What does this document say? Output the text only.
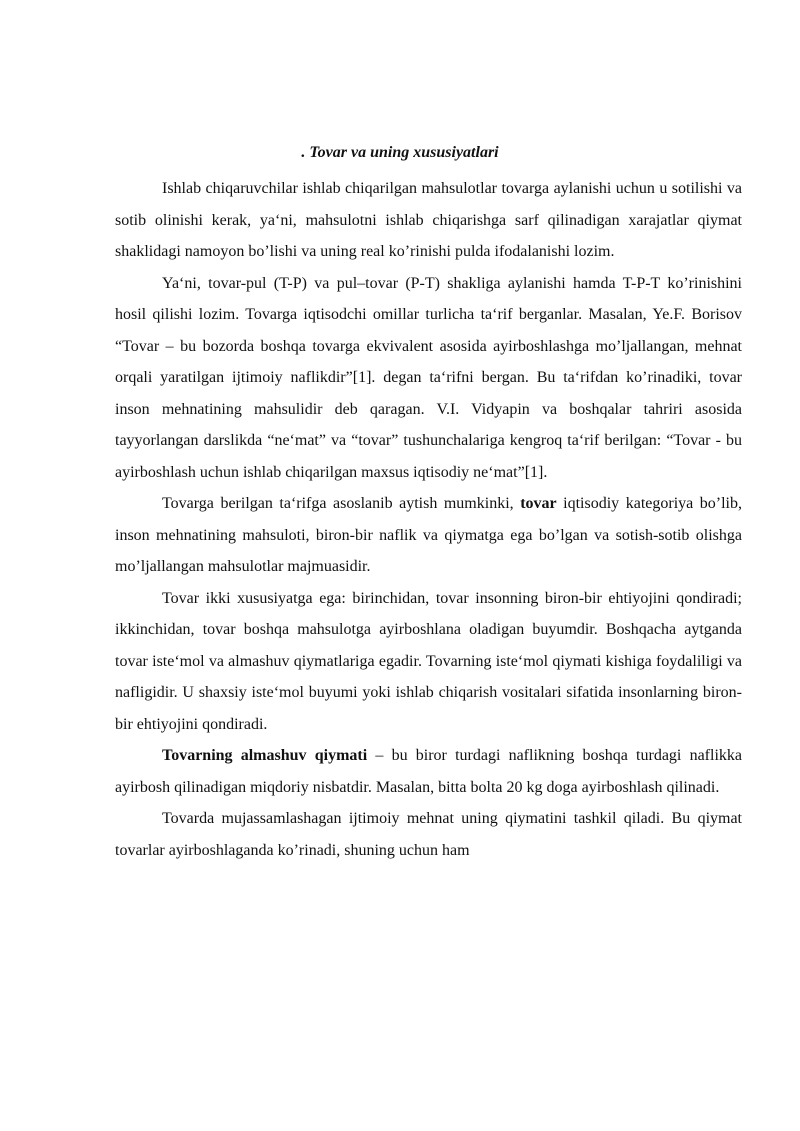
. Tovar va uning xususiyatlari

Ishlab chiqaruvchilar ishlab chiqarilgan mahsulotlar tovarga aylanishi uchun u sotilishi va sotib olinishi kerak, ya‘ni, mahsulotni ishlab chiqarishga sarf qilinadigan xarajatlar qiymat shaklidagi namoyon bo’lishi va uning real ko’rinishi pulda ifodalanishi lozim.

Ya‘ni, tovar-pul (T-P) va pul–tovar (P-T) shakliga aylanishi hamda T-P-T ko’rinishini hosil qilishi lozim. Tovarga iqtisodchi omillar turlicha ta‘rif berganlar. Masalan, Ye.F. Borisov “Tovar – bu bozorda boshqa tovarga ekvivalent asosida ayirboshlashga mo’ljallangan, mehnat orqali yaratilgan ijtimoiy naflikdir”[1]. degan ta‘rifni bergan. Bu ta‘rifdan ko’rinadiki, tovar inson mehnatining mahsulidir deb qaragan. V.I. Vidyapin va boshqalar tahriri asosida tayyorlangan darslikda “ne‘mat” va “tovar” tushunchalariga kengroq ta‘rif berilgan: “Tovar - bu ayirboshlash uchun ishlab chiqarilgan maxsus iqtisodiy ne‘mat”[1].

Tovarga berilgan ta‘rifga asoslanib aytish mumkinki, tovar iqtisodiy kategoriya bo’lib, inson mehnatining mahsuloti, biron-bir naflik va qiymatga ega bo’lgan va sotish-sotib olishga mo’ljallangan mahsulotlar majmuasidir.

Tovar ikki xususiyatga ega: birinchidan, tovar insonning biron-bir ehtiyojini qondiradi; ikkinchidan, tovar boshqa mahsulotga ayirboshlana oladigan buyumdir. Boshqacha aytganda tovar iste‘mol va almashuv qiymatlariga egadir. Tovarning iste‘mol qiymati kishiga foydaliligi va nafligidir. U shaxsiy iste‘mol buyumi yoki ishlab chiqarish vositalari sifatida insonlarning biron-bir ehtiyojini qondiradi.

Tovarning almashuv qiymati – bu biror turdagi naflikning boshqa turdagi naflikka ayirbosh qilinadigan miqdoriy nisbatdir. Masalan, bitta bolta 20 kg doga ayirboshlash qilinadi.

Tovarda mujassamlashagan ijtimoiy mehnat uning qiymatini tashkil qiladi. Bu qiymat tovarlar ayirboshlaganda ko’rinadi, shuning uchun ham
